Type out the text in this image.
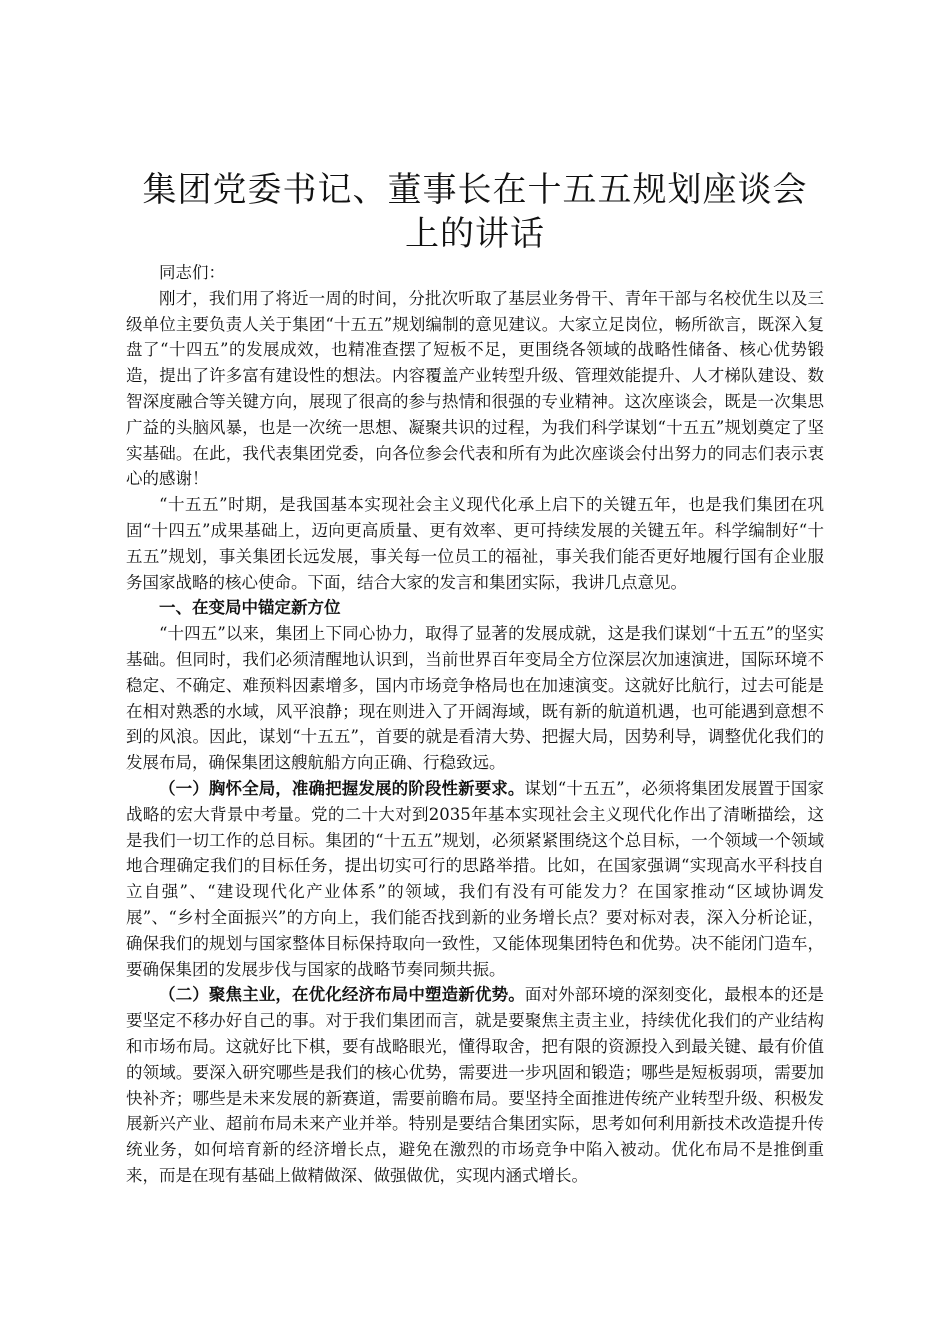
集团党委书记、董事长在十五五规划座谈会上的讲话

同志们：

刚才，我们用了将近一周的时间，分批次听取了基层业务骨干、青年干部与名校优生以及三级单位主要负责人关于集团“十五五”规划编制的意见建议。大家立足岗位，畅所欲言，既深入复盘了“十四五”的发展成效，也精准查摆了短板不足，更围绕各领域的战略性储备、核心优势锻造，提出了许多富有建设性的想法。内容覆盖产业转型升级、管理效能提升、人才梯队建设、数智深度融合等关键方向，展现了很高的参与热情和很强的专业精神。这次座谈会，既是一次集思广益的头脑风暴，也是一次统一思想、凝聚共识的过程，为我们科学谋划“十五五”规划奠定了坚实基础。在此，我代表集团党委，向各位参会代表和所有为此次座谈会付出努力的同志们表示衷心的感谢！

“十五五”时期，是我国基本实现社会主义现代化承上启下的关键五年，也是我们集团在巩固“十四五”成果基础上，迈向更高质量、更有效率、更可持续发展的关键五年。科学编制好“十五五”规划，事关集团长远发展，事关每一位员工的福祉，事关我们能否更好地履行国有企业服务国家战略的核心使命。下面，结合大家的发言和集团实际，我讲几点意见。

一、在变局中锚定新方位

“十四五”以来，集团上下同心协力，取得了显著的发展成就，这是我们谋划“十五五”的坚实基础。但同时，我们必须清醒地认识到，当前世界百年变局全方位深层次加速演进，国际环境不稳定、不确定、难预料因素增多，国内市场竞争格局也在加速演变。这就好比航行，过去可能是在相对熟悉的水域，风平浪静；现在则进入了开阔海域，既有新的航道机遇，也可能遇到意想不到的风浪。因此，谋划“十五五”，首要的就是看清大势、把握大局，因势利导，调整优化我们的发展布局，确保集团这艘航船方向正确、行稳致远。

（一）胸怀全局，准确把握发展的阶段性新要求。谋划“十五五”，必须将集团发展置于国家战略的宏大背景中考量。党的二十大对到2035年基本实现社会主义现代化作出了清晰描绘，这是我们一切工作的总目标。集团的“十五五”规划，必须紧紧围绕这个总目标，一个领域一个领域地合理确定我们的目标任务，提出切实可行的思路举措。比如，在国家强调“实现高水平科技自立自强”、“建设现代化产业体系”的领域，我们有没有可能发力？在国家推动“区域协调发展”、“乡村全面振兴”的方向上，我们能否找到新的业务增长点？要对标对表，深入分析论证，确保我们的规划与国家整体目标保持取向一致性，又能体现集团特色和优势。决不能闭门造车，要确保集团的发展步伐与国家的战略节奏同频共振。

（二）聚焦主业，在优化经济布局中塑造新优势。面对外部环境的深刻变化，最根本的还是要坚定不移办好自己的事。对于我们集团而言，就是要聚焦主责主业，持续优化我们的产业结构和市场布局。这就好比下棋，要有战略眼光，懂得取舍，把有限的资源投入到最关键、最有价值的领域。要深入研究哪些是我们的核心优势，需要进一步巩固和锻造；哪些是短板弱项，需要加快补齐；哪些是未来发展的新赛道，需要前瞻布局。要坚持全面推进传统产业转型升级、积极发展新兴产业、超前布局未来产业并举。特别是要结合集团实际，思考如何利用新技术改造提升传统业务，如何培育新的经济增长点，避免在激烈的市场竞争中陷入被动。优化布局不是推倒重来，而是在现有基础上做精做深、做强做优，实现内涵式增长。
